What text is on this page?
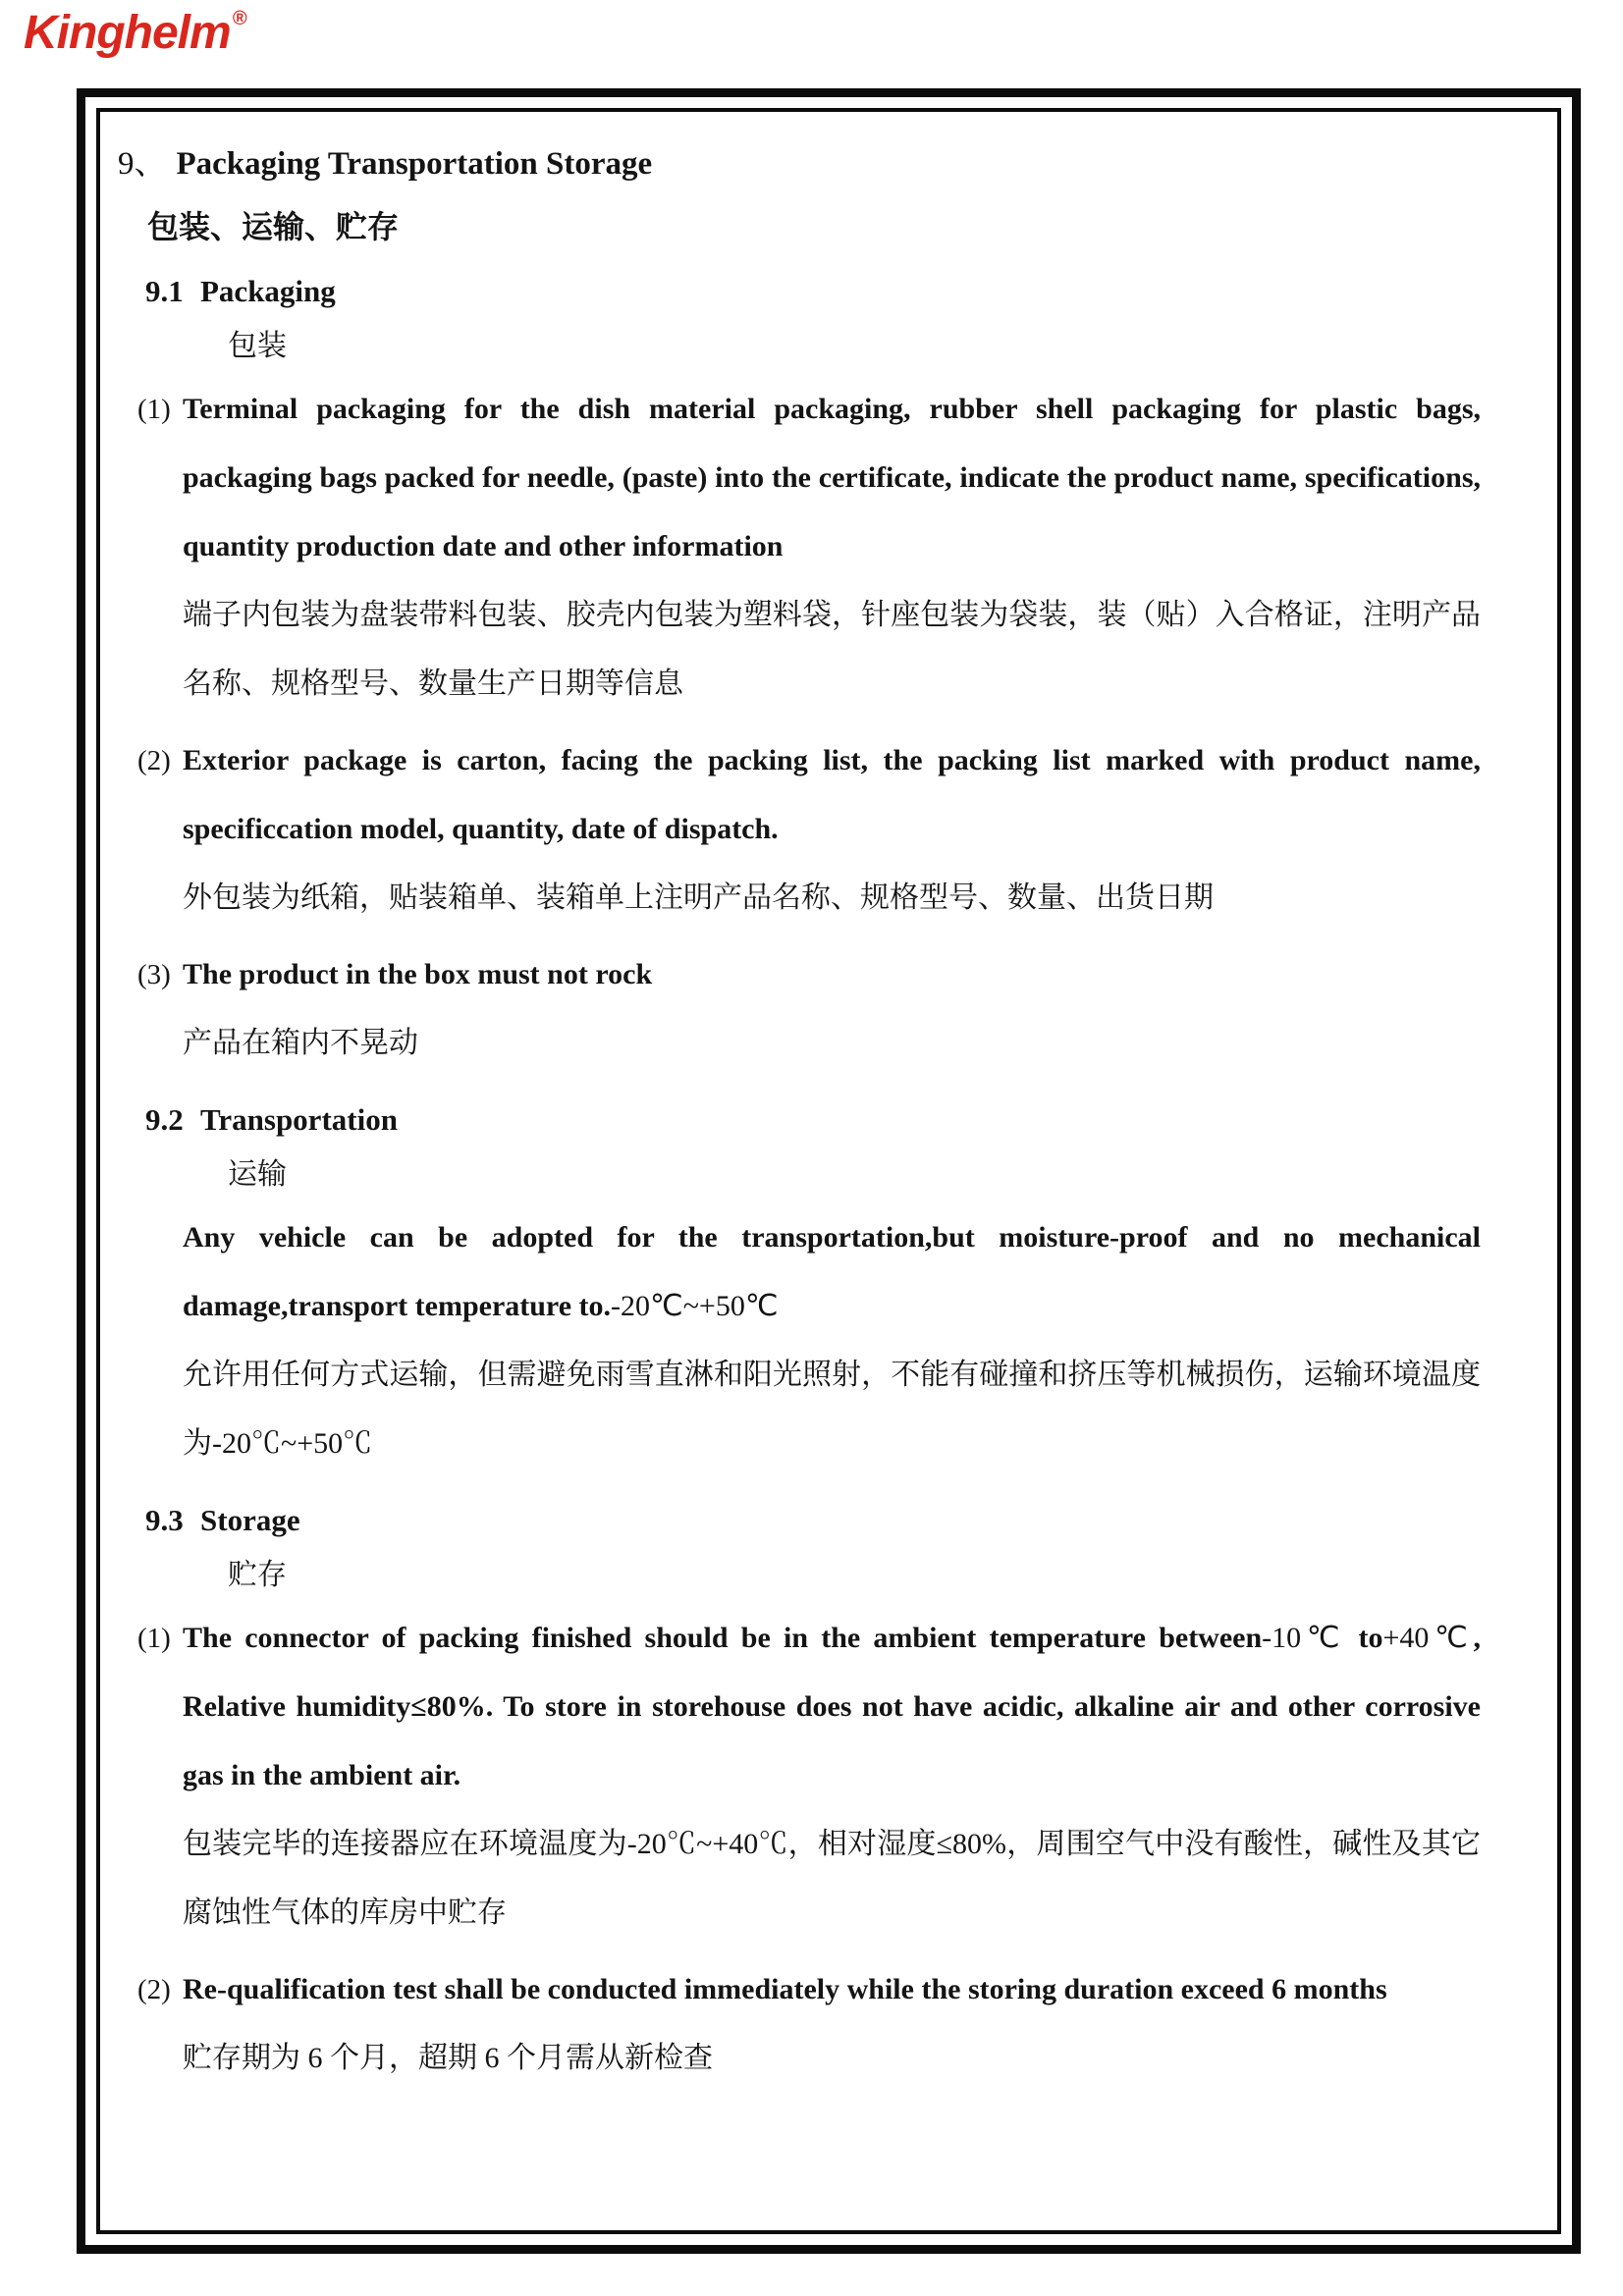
Kinghelm ®
9、 Packaging Transportation Storage
包装、运输、贮存
9.1 Packaging
包装
(1) Terminal packaging for the dish material packaging, rubber shell packaging for plastic bags, packaging bags packed for needle, (paste) into the certificate, indicate the product name, specifications, quantity production date and other information

端子内包装为盘装带料包装、胶壳内包装为塑料袋，针座包装为袋装，装（贴）入合格证，注明产品名称、规格型号、数量生产日期等信息

(2) Exterior package is carton, facing the packing list, the packing list marked with product name, specificcation model, quantity, date of dispatch.

外包装为纸箱，贴装箱单、装箱单上注明产品名称、规格型号、数量、出货日期

(3) The product in the box must not rock

产品在箱内不晃动

9.2 Transportation
运输

Any vehicle can be adopted for the transportation,but moisture-proof and no mechanical damage,transport temperature to.-20℃~+50℃

允许用任何方式运输，但需避免雨雪直淋和阳光照射，不能有碰撞和挤压等机械损伤，运输环境温度为-20℃~+50℃

9.3 Storage
贮存
(1) The connector of packing finished should be in the ambient temperature between-10℃ to+40℃, Relative humidity≤80%. To store in storehouse does not have acidic, alkaline air and other corrosive gas in the ambient air.

包装完毕的连接器应在环境温度为-20℃~+40℃，相对湿度≤80%，周围空气中没有酸性，碱性及其它腐蚀性气体的库房中贮存

(2) Re-qualification test shall be conducted immediately while the storing duration exceed 6 months

贮存期为 6 个月，超期 6 个月需从新检查
